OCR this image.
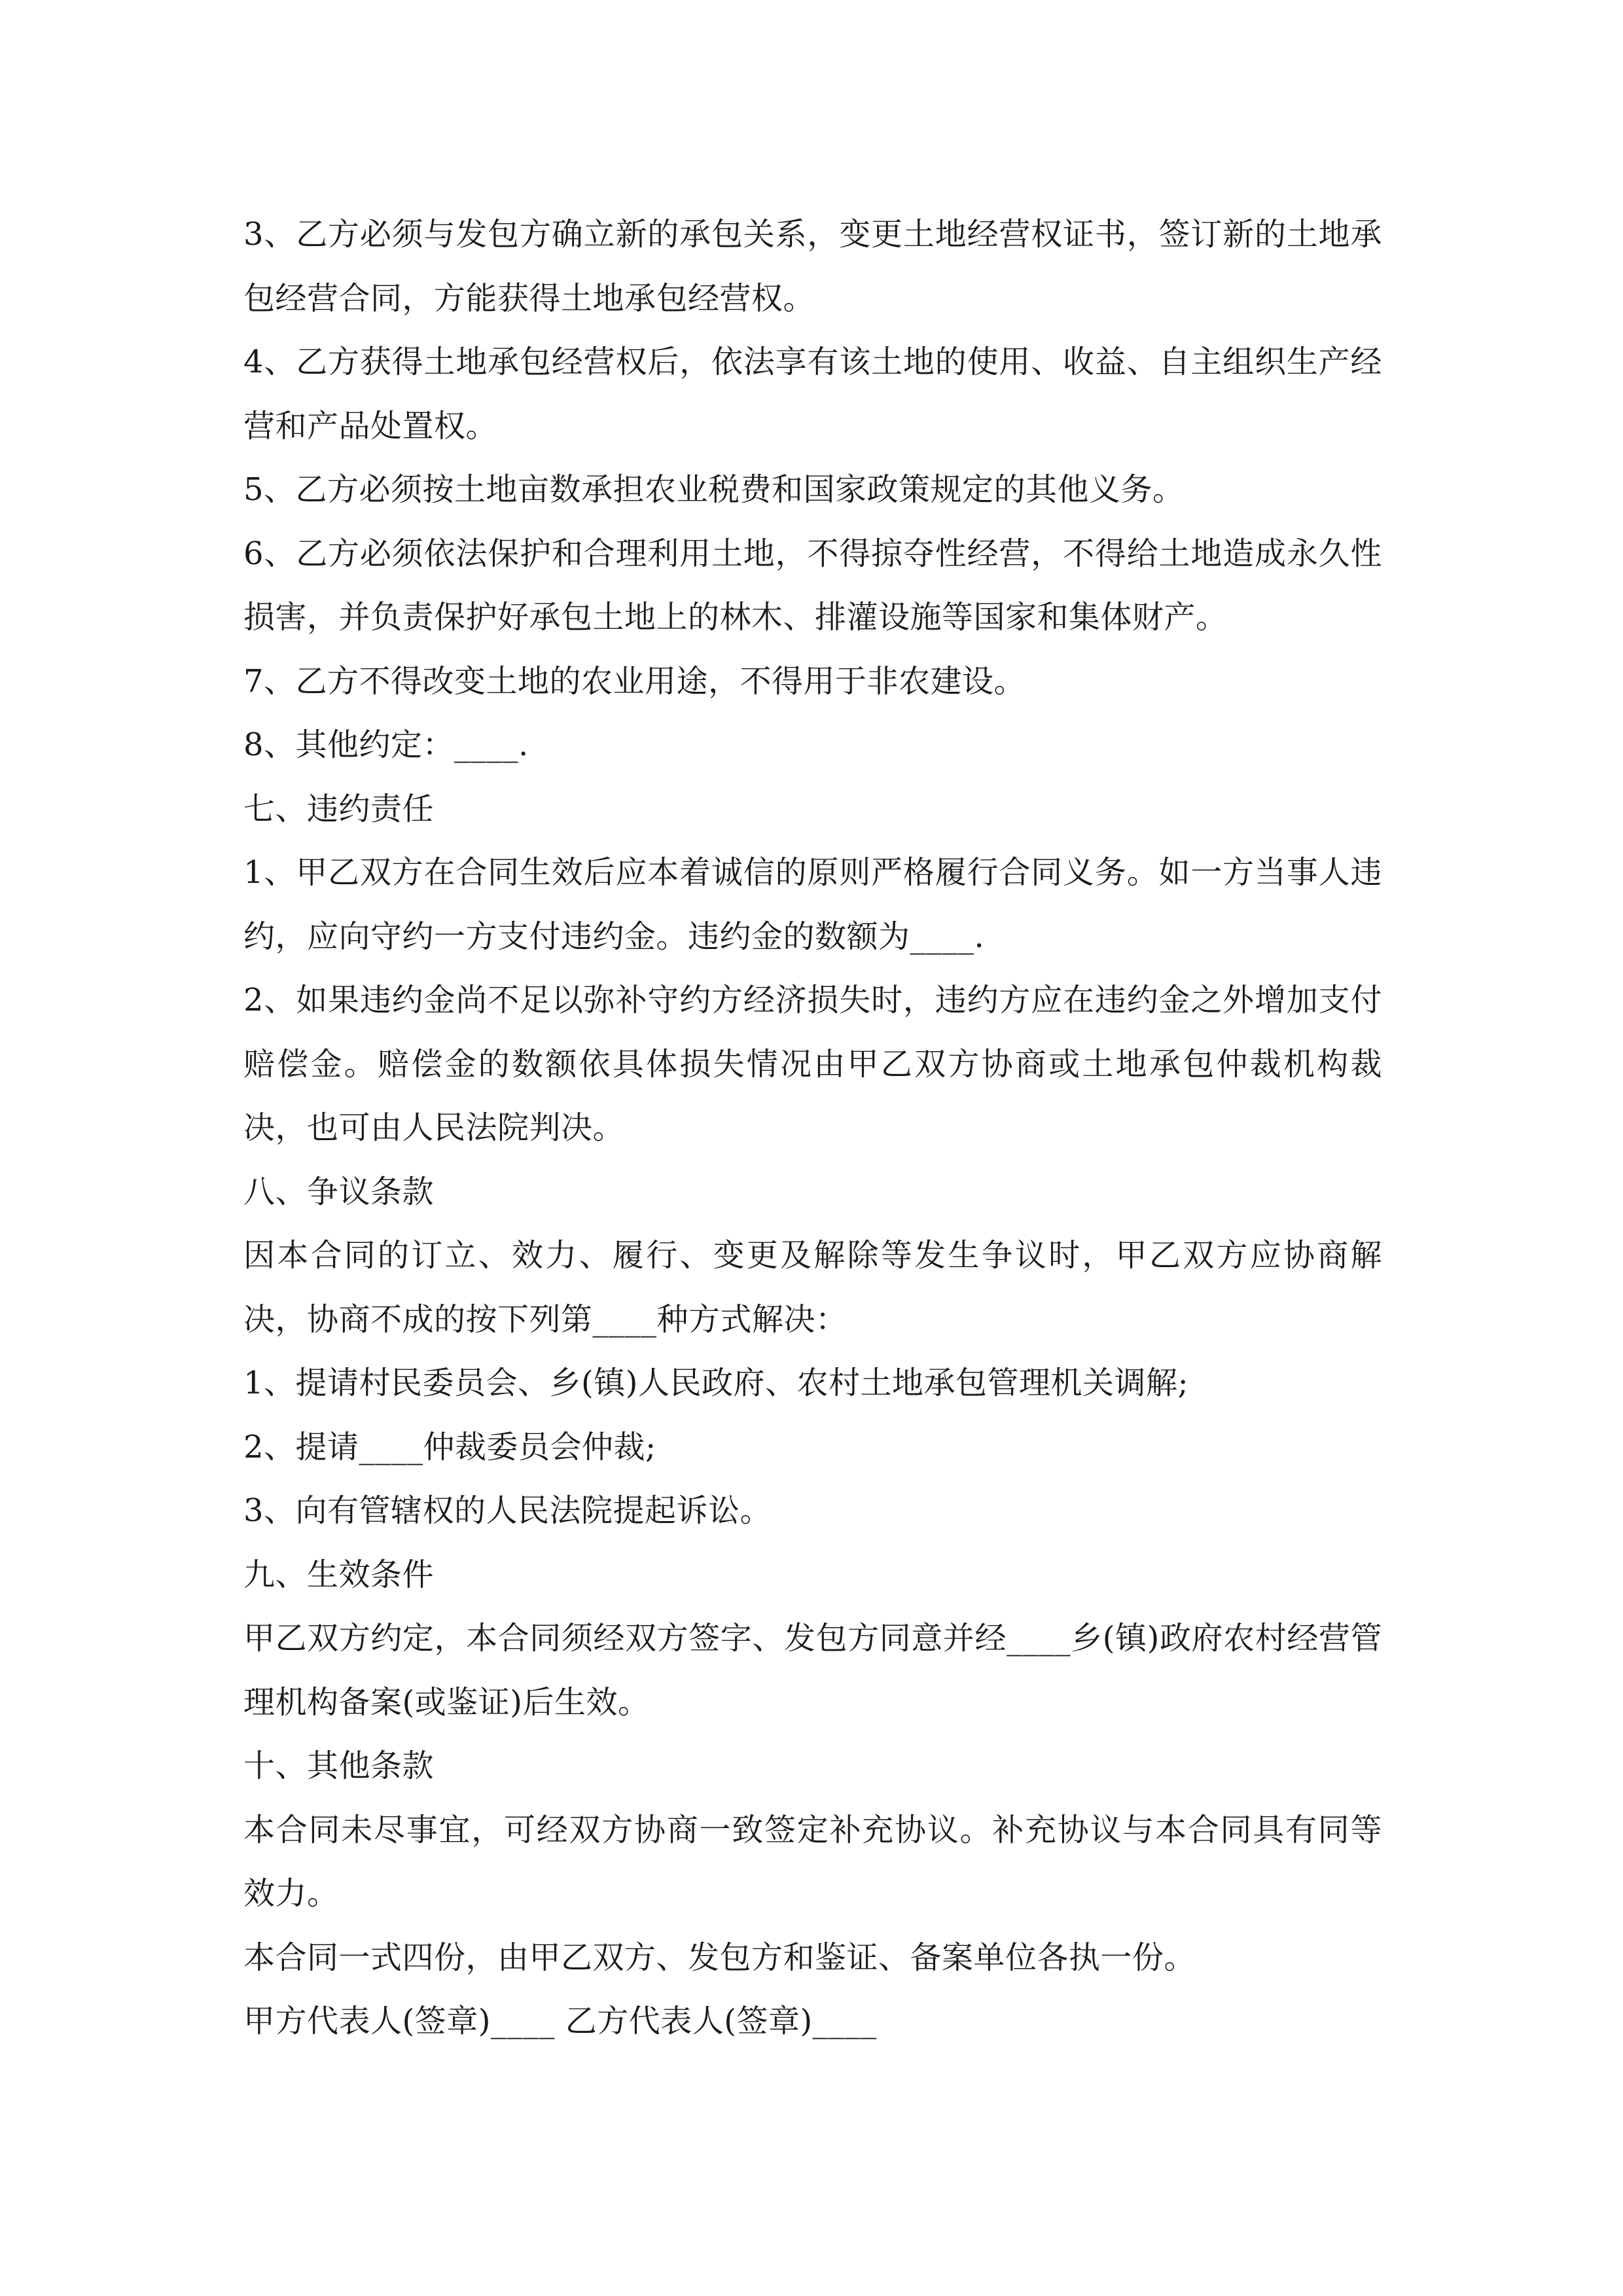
3、乙方必须与发包方确立新的承包关系，变更土地经营权证书，签订新的土地承包经营合同，方能获得土地承包经营权。

4、乙方获得土地承包经营权后，依法享有该土地的使用、收益、自主组织生产经营和产品处置权。

5、乙方必须按土地亩数承担农业税费和国家政策规定的其他义务。

6、乙方必须依法保护和合理利用土地，不得掠夺性经营，不得给土地造成永久性损害，并负责保护好承包土地上的林木、排灌设施等国家和集体财产。

7、乙方不得改变土地的农业用途，不得用于非农建设。

8、其他约定：____.

七、违约责任

1、甲乙双方在合同生效后应本着诚信的原则严格履行合同义务。如一方当事人违约，应向守约一方支付违约金。违约金的数额为____.

2、如果违约金尚不足以弥补守约方经济损失时，违约方应在违约金之外增加支付赔偿金。赔偿金的数额依具体损失情况由甲乙双方协商或土地承包仲裁机构裁决，也可由人民法院判决。

八、争议条款

因本合同的订立、效力、履行、变更及解除等发生争议时，甲乙双方应协商解决，协商不成的按下列第____种方式解决：

1、提请村民委员会、乡(镇)人民政府、农村土地承包管理机关调解;

2、提请____仲裁委员会仲裁;

3、向有管辖权的人民法院提起诉讼。

九、生效条件

甲乙双方约定，本合同须经双方签字、发包方同意并经____乡(镇)政府农村经营管理机构备案(或鉴证)后生效。

十、其他条款

本合同未尽事宜，可经双方协商一致签定补充协议。补充协议与本合同具有同等效力。

本合同一式四份，由甲乙双方、发包方和鉴证、备案单位各执一份。

甲方代表人(签章)____ 乙方代表人(签章)____
